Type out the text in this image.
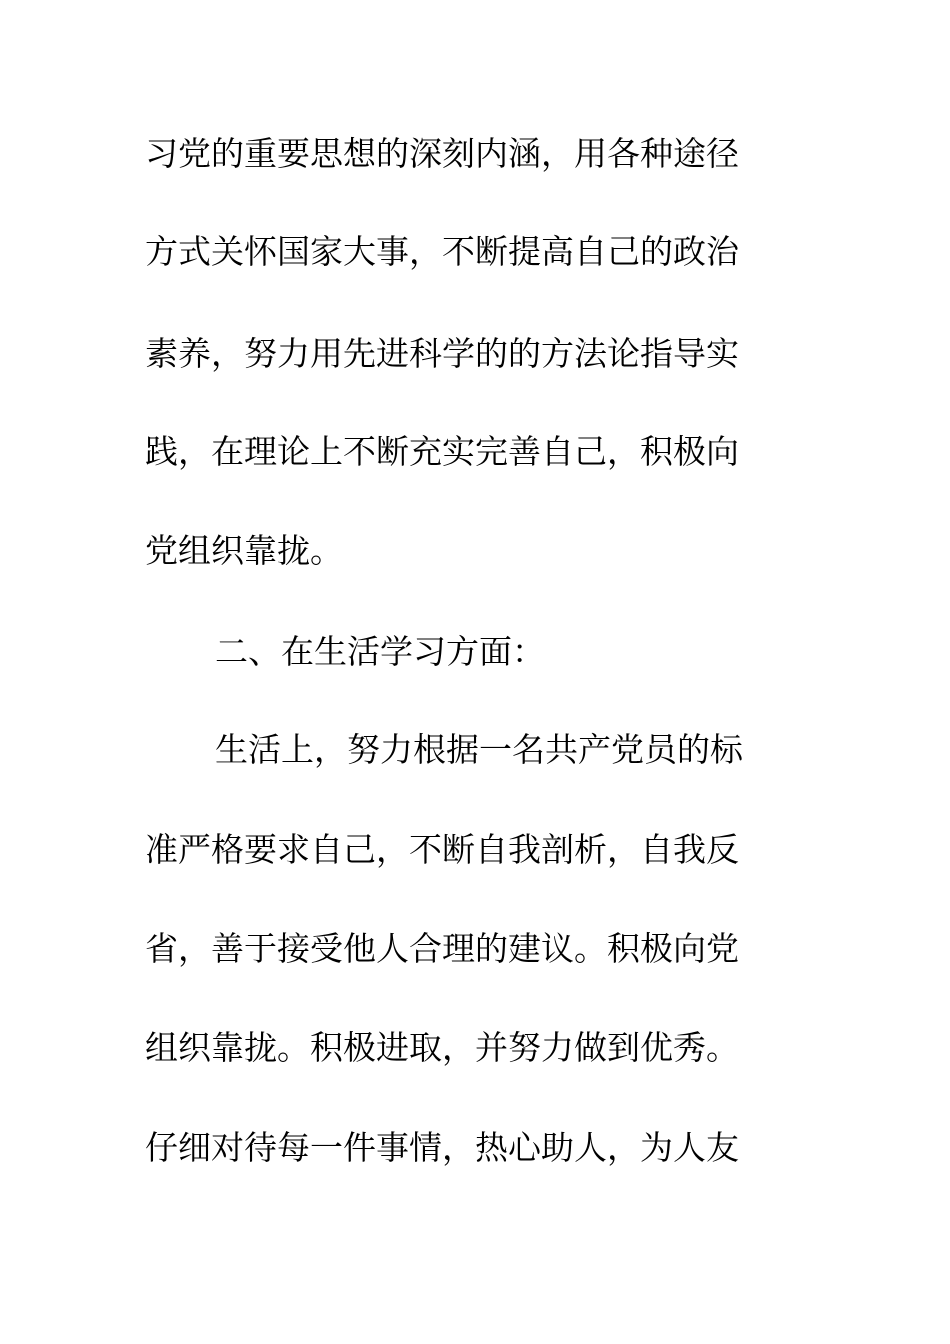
习党的重要思想的深刻内涵，用各种途径
方式关怀国家大事，不断提高自己的政治
素养，努力用先进科学的的方法论指导实
践，在理论上不断充实完善自己，积极向
党组织靠拢。
二、在生活学习方面：
生活上，努力根据一名共产党员的标
准严格要求自己，不断自我剖析，自我反
省，善于接受他人合理的建议。积极向党
组织靠拢。积极进取，并努力做到优秀。
仔细对待每一件事情，热心助人，为人友
